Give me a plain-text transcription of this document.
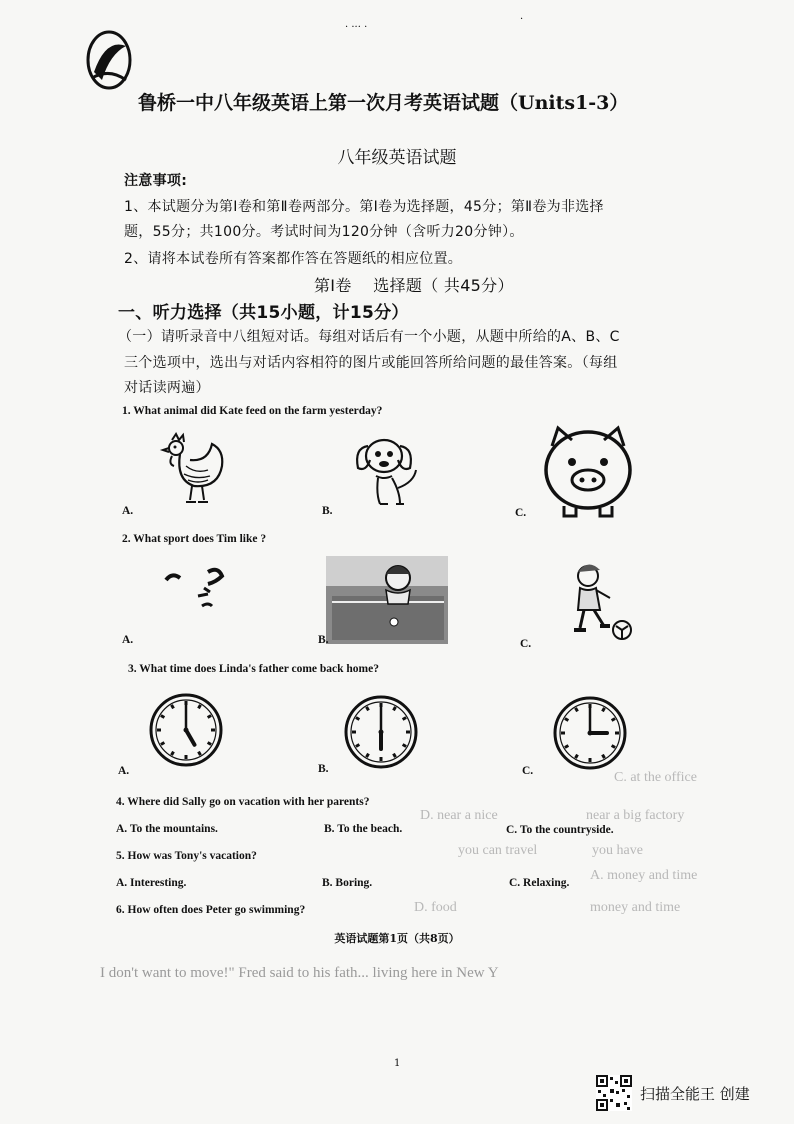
· ··· ·
·
鲁桥一中八年级英语上第一次月考英语试题（Units1-3）
八年级英语试题
注意事项:
1、本试题分为第Ⅰ卷和第Ⅱ卷两部分。第Ⅰ卷为选择题，45分；第Ⅱ卷为非选择
题，55分；共100分。考试时间为120分钟（含听力20分钟）。
2、请将本试卷所有答案都作答在答题纸的相应位置。
第Ⅰ卷　 选择题（ 共45分）
一、听力选择（共15小题，计15分）
（一）请听录音中八组短对话。每组对话后有一个小题，从题中所给的A、B、C
三个选项中，选出与对话内容相符的图片或能回答所给问题的最佳答案。（每组
对话读两遍）
1. What animal did Kate feed on the farm yesterday?
A.	B.	C.
2. What sport does Tim like ?
A.	B.	C.
3. What time does Linda's father come back home?
A.	B.	C.
4. Where did Sally go on vacation with her parents?
A. To the mountains.	B. To the beach.	C. To the countryside.
5. How was Tony's vacation?
A. Interesting.	B. Boring.	C. Relaxing.
6. How often does Peter go swimming?
near a big factory
D. near a nice
C. at the office
A. money and time
D. food	money and time
you have
you can travel
英语试题第1页（共8页）
I don't want to move!" Fred said to his fath... living here in New Y
1
扫描全能王 创建
